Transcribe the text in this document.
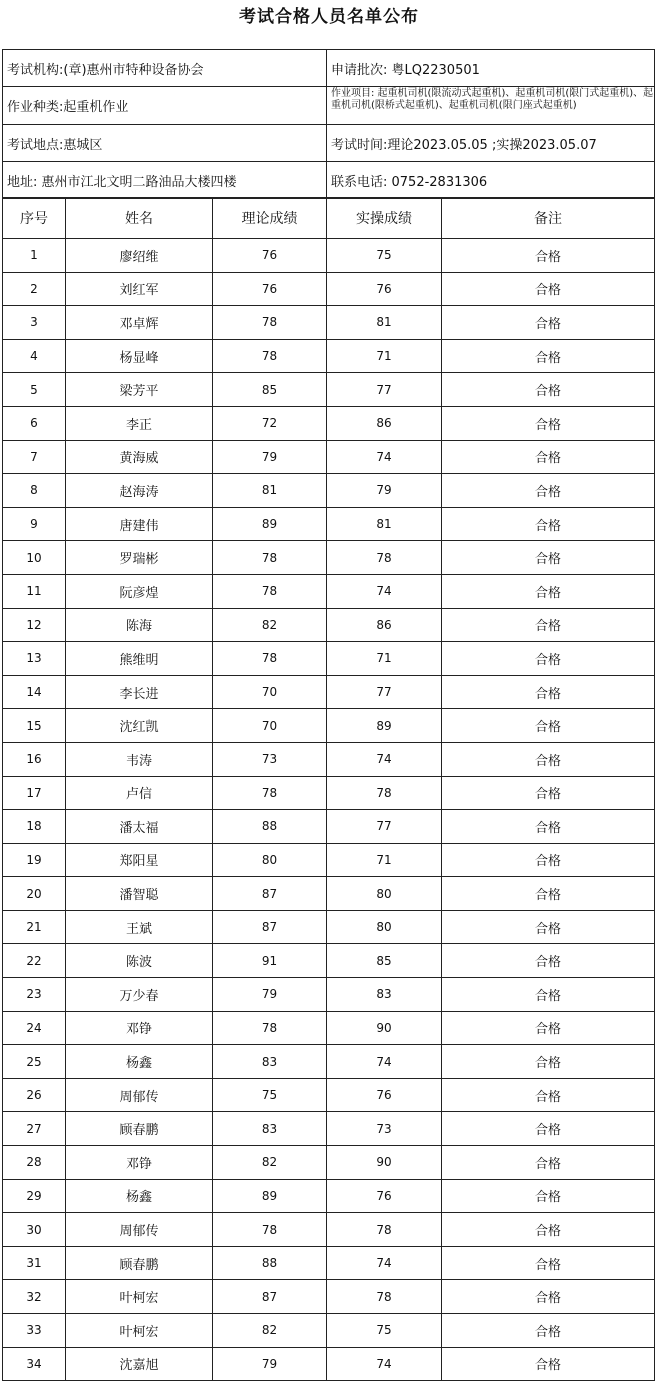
考试合格人员名单公布
考试机构:(章)惠州市特种设备协会	申请批次: 粤LQ2230501
作业种类:起重机作业	作业项目: 起重机司机(限流动式起重机)、起重机司机(限门式起重机)、起重机司机(限桥式起重机)、起重机司机(限门座式起重机)
考试地点:惠城区	考试时间:理论2023.05.05 ;实操2023.05.07
地址: 惠州市江北文明二路油品大楼四楼	联系电话: 0752-2831306
序号	姓名	理论成绩	实操成绩	备注
1	廖绍维	76	75	合格
2	刘红军	76	76	合格
3	邓卓辉	78	81	合格
4	杨显峰	78	71	合格
5	梁芳平	85	77	合格
6	李正	72	86	合格
7	黄海威	79	74	合格
8	赵海涛	81	79	合格
9	唐建伟	89	81	合格
10	罗瑞彬	78	78	合格
11	阮彦煌	78	74	合格
12	陈海	82	86	合格
13	熊维明	78	71	合格
14	李长进	70	77	合格
15	沈红凯	70	89	合格
16	韦涛	73	74	合格
17	卢信	78	78	合格
18	潘太福	88	77	合格
19	郑阳星	80	71	合格
20	潘智聪	87	80	合格
21	王斌	87	80	合格
22	陈波	91	85	合格
23	万少春	79	83	合格
24	邓铮	78	90	合格
25	杨鑫	83	74	合格
26	周郁传	75	76	合格
27	顾春鹏	83	73	合格
28	邓铮	82	90	合格
29	杨鑫	89	76	合格
30	周郁传	78	78	合格
31	顾春鹏	88	74	合格
32	叶柯宏	87	78	合格
33	叶柯宏	82	75	合格
34	沈嘉旭	79	74	合格
